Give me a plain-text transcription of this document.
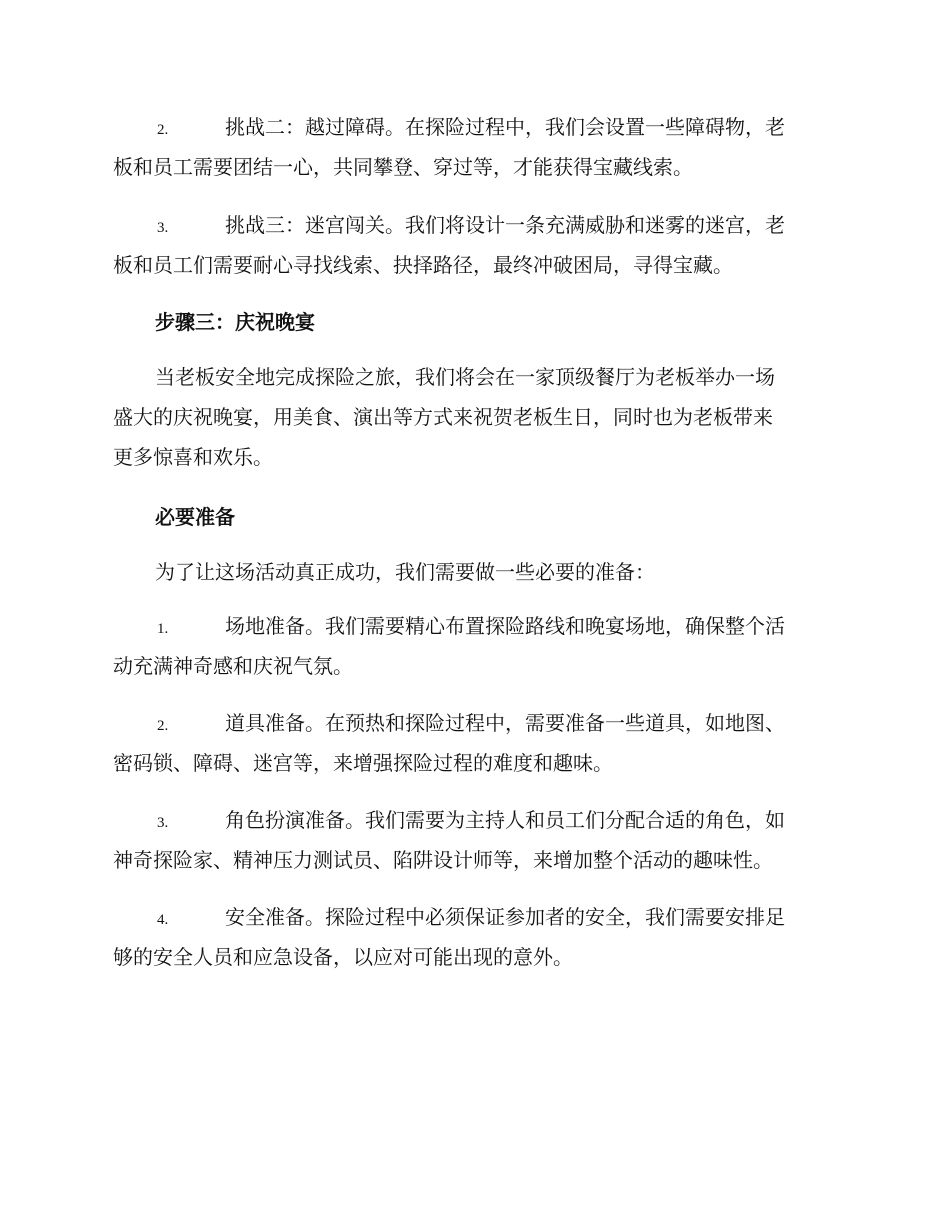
2.	挑战二：越过障碍。在探险过程中，我们会设置一些障碍物，老
板和员工需要团结一心，共同攀登、穿过等，才能获得宝藏线索。
3.	挑战三：迷宫闯关。我们将设计一条充满威胁和迷雾的迷宫，老
板和员工们需要耐心寻找线索、抉择路径，最终冲破困局，寻得宝藏。
步骤三：庆祝晚宴
当老板安全地完成探险之旅，我们将会在一家顶级餐厅为老板举办一场
盛大的庆祝晚宴，用美食、演出等方式来祝贺老板生日，同时也为老板带来
更多惊喜和欢乐。
必要准备
为了让这场活动真正成功，我们需要做一些必要的准备：
1.	场地准备。我们需要精心布置探险路线和晚宴场地，确保整个活
动充满神奇感和庆祝气氛。
2.	道具准备。在预热和探险过程中，需要准备一些道具，如地图、
密码锁、障碍、迷宫等，来增强探险过程的难度和趣味。
3.	角色扮演准备。我们需要为主持人和员工们分配合适的角色，如
神奇探险家、精神压力测试员、陷阱设计师等，来增加整个活动的趣味性。
4.	安全准备。探险过程中必须保证参加者的安全，我们需要安排足
够的安全人员和应急设备，以应对可能出现的意外。
